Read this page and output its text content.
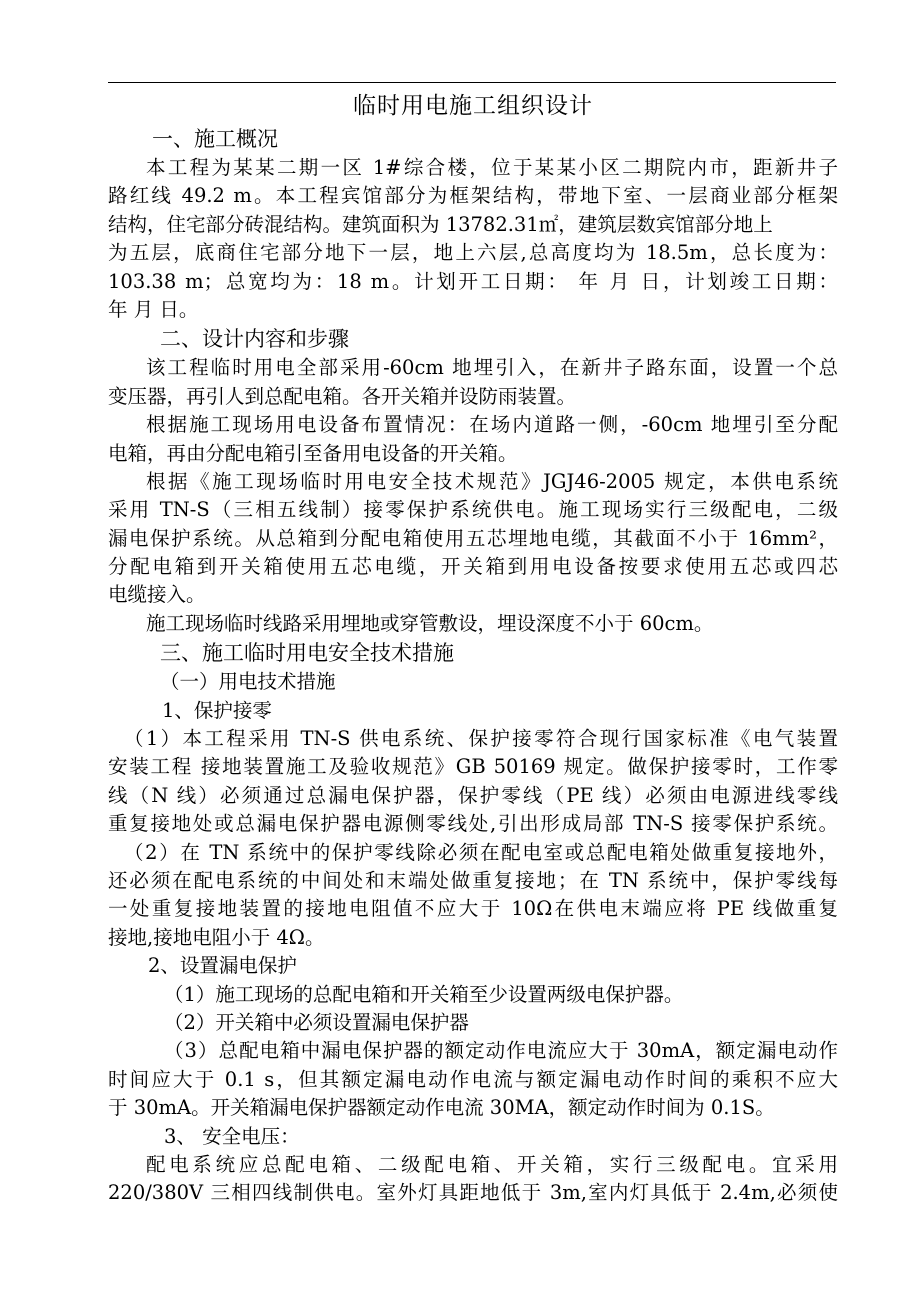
临时用电施工组织设计
一、施工概况
本工程为某某二期一区 1#综合楼，位于某某小区二期院内市，距新井子
路红线 49.2 m。本工程宾馆部分为框架结构，带地下室、一层商业部分框架
结构，住宅部分砖混结构。建筑面积为 13782.31㎡，建筑层数宾馆部分地上
为五层，底商住宅部分地下一层，地上六层,总高度均为 18.5m，总长度为：
103.38 m；总宽均为：18 m。计划开工日期： 年 月 日，计划竣工日期：
年 月 日。
二、设计内容和步骤
该工程临时用电全部采用-60cm 地埋引入，在新井子路东面，设置一个总
变压器，再引人到总配电箱。各开关箱并设防雨装置。
根据施工现场用电设备布置情况：在场内道路一侧，-60cm 地埋引至分配
电箱，再由分配电箱引至备用电设备的开关箱。
根据《施工现场临时用电安全技术规范》JGJ46-2005 规定，本供电系统
采用 TN-S（三相五线制）接零保护系统供电。施工现场实行三级配电，二级
漏电保护系统。从总箱到分配电箱使用五芯埋地电缆，其截面不小于 16mm²，
分配电箱到开关箱使用五芯电缆，开关箱到用电设备按要求使用五芯或四芯
电缆接入。
施工现场临时线路采用埋地或穿管敷设，埋设深度不小于 60cm。
三、施工临时用电安全技术措施
（一）用电技术措施
1、保护接零
（1）本工程采用 TN-S 供电系统、保护接零符合现行国家标准《电气装置
安装工程 接地装置施工及验收规范》GB 50169 规定。做保护接零时，工作零
线（N 线）必须通过总漏电保护器，保护零线（PE 线）必须由电源进线零线
重复接地处或总漏电保护器电源侧零线处,引出形成局部 TN-S 接零保护系统。
（2）在 TN 系统中的保护零线除必须在配电室或总配电箱处做重复接地外，
还必须在配电系统的中间处和末端处做重复接地；在 TN 系统中，保护零线每
一处重复接地装置的接地电阻值不应大于 10Ω在供电末端应将 PE 线做重复
接地,接地电阻小于 4Ω。
2、设置漏电保护
（1）施工现场的总配电箱和开关箱至少设置两级电保护器。
（2）开关箱中必须设置漏电保护器
（3）总配电箱中漏电保护器的额定动作电流应大于 30mA，额定漏电动作
时间应大于 0.1 s，但其额定漏电动作电流与额定漏电动作时间的乘积不应大
于 30mA。开关箱漏电保护器额定动作电流 30MA，额定动作时间为 0.1S。
3、 安全电压：
配电系统应总配电箱、二级配电箱、开关箱，实行三级配电。宜采用
220/380V 三相四线制供电。室外灯具距地低于 3m,室内灯具低于 2.4m,必须使
